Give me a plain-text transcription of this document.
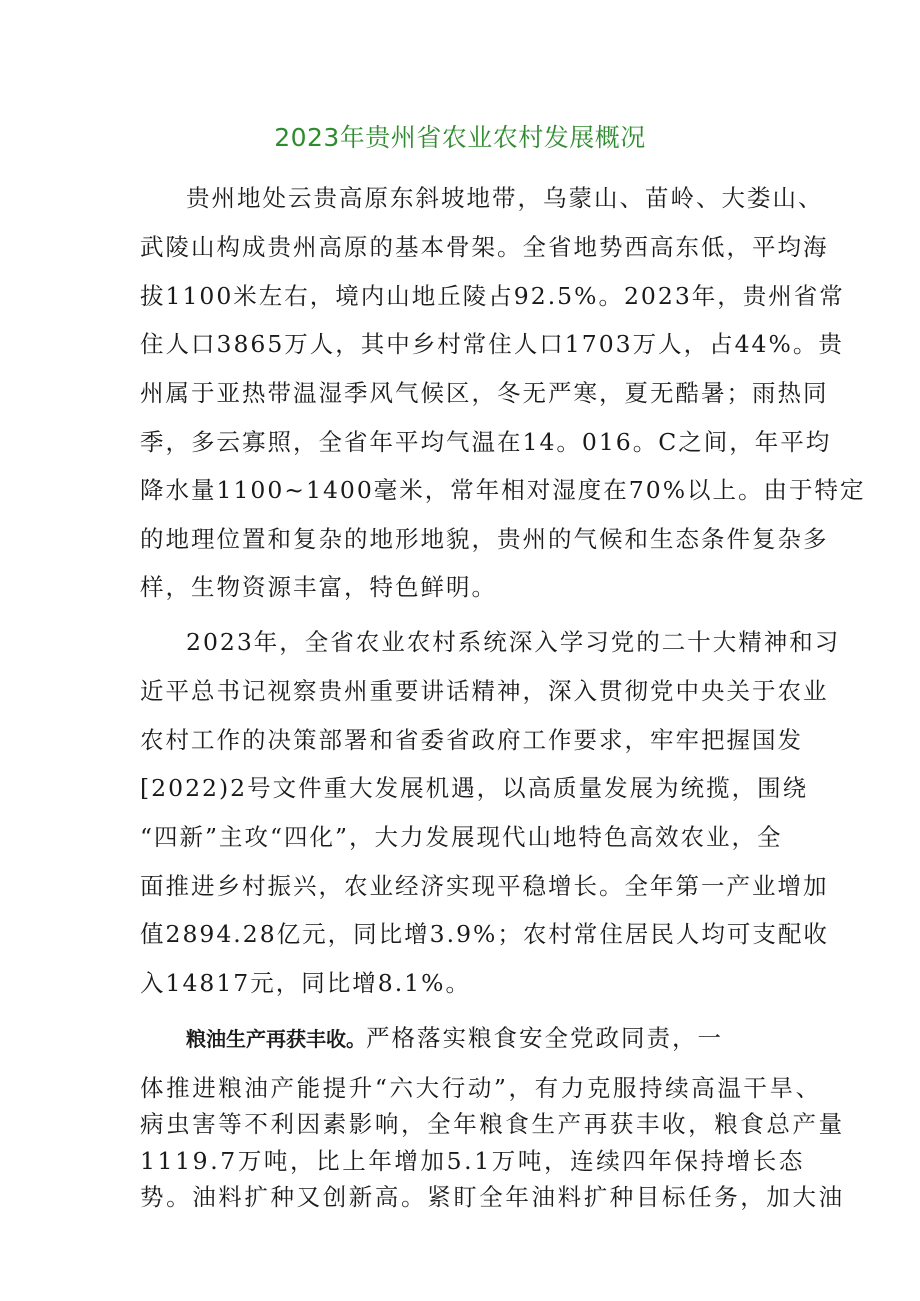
2023年贵州省农业农村发展概况
贵州地处云贵高原东斜坡地带，乌蒙山、苗岭、大娄山、
武陵山构成贵州高原的基本骨架。全省地势西高东低，平均海
拔1100米左右，境内山地丘陵占92.5%。2023年，贵州省常
住人口3865万人，其中乡村常住人口1703万人，占44%。贵
州属于亚热带温湿季风气候区，冬无严寒，夏无酷暑；雨热同
季，多云寡照，全省年平均气温在14。016。C之间，年平均
降水量1100~1400毫米，常年相对湿度在70%以上。由于特定
的地理位置和复杂的地形地貌，贵州的气候和生态条件复杂多
样，生物资源丰富，特色鲜明。
2023年，全省农业农村系统深入学习党的二十大精神和习
近平总书记视察贵州重要讲话精神，深入贯彻党中央关于农业
农村工作的决策部署和省委省政府工作要求，牢牢把握国发
[2022)2号文件重大发展机遇，以高质量发展为统揽，围绕
“四新”主攻“四化”，大力发展现代山地特色高效农业，全
面推进乡村振兴，农业经济实现平稳增长。全年第一产业增加
值2894.28亿元，同比增3.9%；农村常住居民人均可支配收
入14817元，同比增8.1%。
粮油生产再获丰收。严格落实粮食安全党政同责，一
体推进粮油产能提升“六大行动”，有力克服持续高温干旱、
病虫害等不利因素影响，全年粮食生产再获丰收，粮食总产量
1119.7万吨，比上年增加5.1万吨，连续四年保持增长态
势。油料扩种又创新高。紧盯全年油料扩种目标任务，加大油
